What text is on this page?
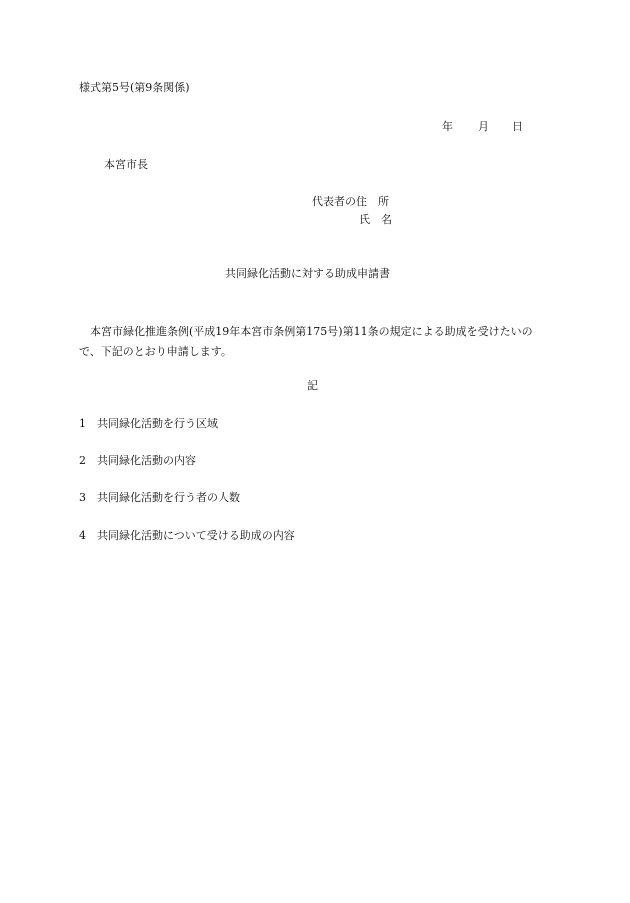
様式第5号(第9条関係)
年 月 日
本宮市長
代表者の住　所
氏　名
共同緑化活動に対する助成申請書
本宮市緑化推進条例(平成19年本宮市条例第175号)第11条の規定による助成を受けたいので、下記のとおり申請します。
記
1 共同緑化活動を行う区域
2 共同緑化活動の内容
3 共同緑化活動を行う者の人数
4 共同緑化活動について受ける助成の内容
